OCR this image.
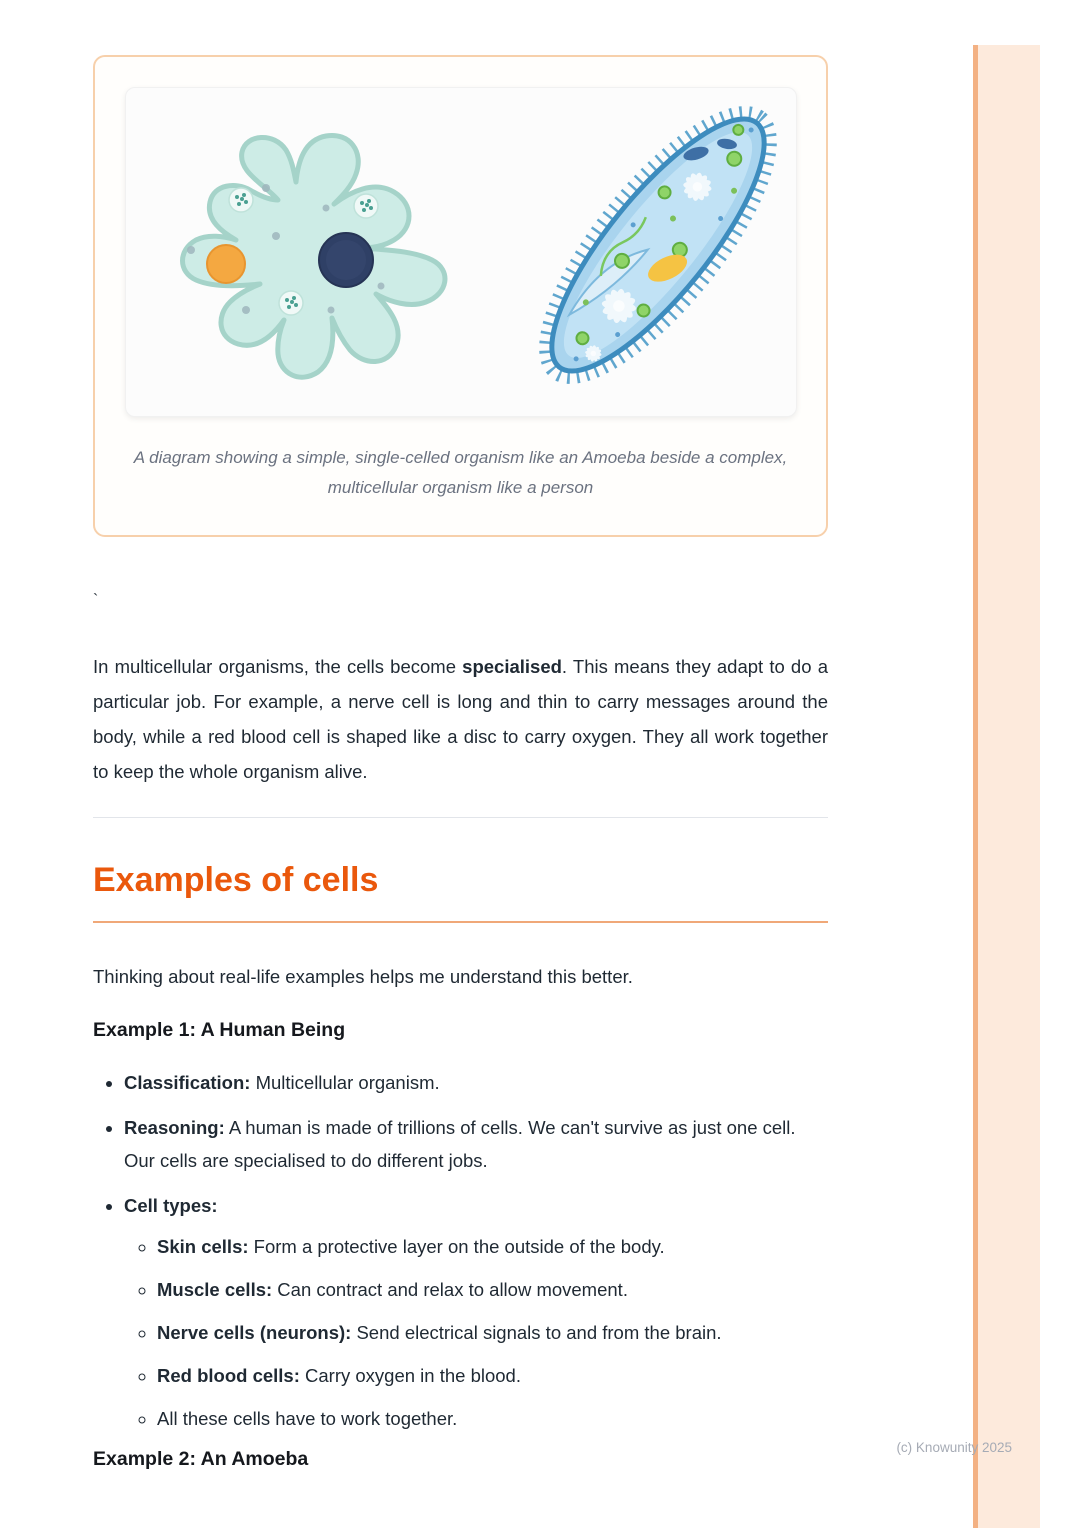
A diagram showing a simple, single-celled organism like an Amoeba beside a complex, multicellular organism like a person

`

In multicellular organisms, the cells become specialised. This means they adapt to do a particular job. For example, a nerve cell is long and thin to carry messages around the body, while a red blood cell is shaped like a disc to carry oxygen. They all work together to keep the whole organism alive.

Examples of cells

Thinking about real-life examples helps me understand this better.

Example 1: A Human Being
• Classification: Multicellular organism.
• Reasoning: A human is made of trillions of cells. We can't survive as just one cell. Our cells are specialised to do different jobs.
• Cell types:
◦ Skin cells: Form a protective layer on the outside of the body.
◦ Muscle cells: Can contract and relax to allow movement.
◦ Nerve cells (neurons): Send electrical signals to and from the brain.
◦ Red blood cells: Carry oxygen in the blood.
◦ All these cells have to work together.
Example 2: An Amoeba	(c) Knowunity 2025
